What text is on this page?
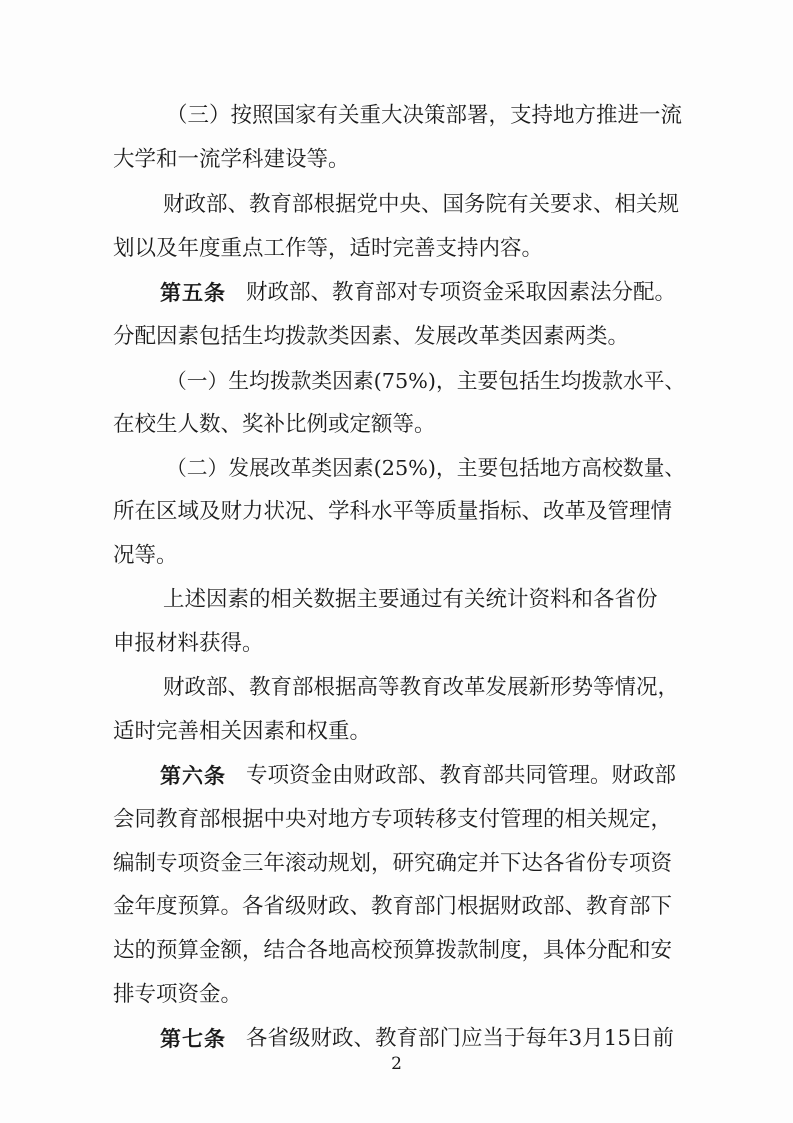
（三）按照国家有关重大决策部署，支持地方推进一流
大学和一流学科建设等。
财政部、教育部根据党中央、国务院有关要求、相关规
划以及年度重点工作等，适时完善支持内容。
第五条 财政部、教育部对专项资金采取因素法分配。
分配因素包括生均拨款类因素、发展改革类因素两类。
（一）生均拨款类因素(75%)，主要包括生均拨款水平、
在校生人数、奖补比例或定额等。
（二）发展改革类因素(25%)，主要包括地方高校数量、
所在区域及财力状况、学科水平等质量指标、改革及管理情
况等。
上述因素的相关数据主要通过有关统计资料和各省份
申报材料获得。
财政部、教育部根据高等教育改革发展新形势等情况，
适时完善相关因素和权重。
第六条 专项资金由财政部、教育部共同管理。财政部
会同教育部根据中央对地方专项转移支付管理的相关规定，
编制专项资金三年滚动规划，研究确定并下达各省份专项资
金年度预算。各省级财政、教育部门根据财政部、教育部下
达的预算金额，结合各地高校预算拨款制度，具体分配和安
排专项资金。
第七条 各省级财政、教育部门应当于每年3月15日前
2
